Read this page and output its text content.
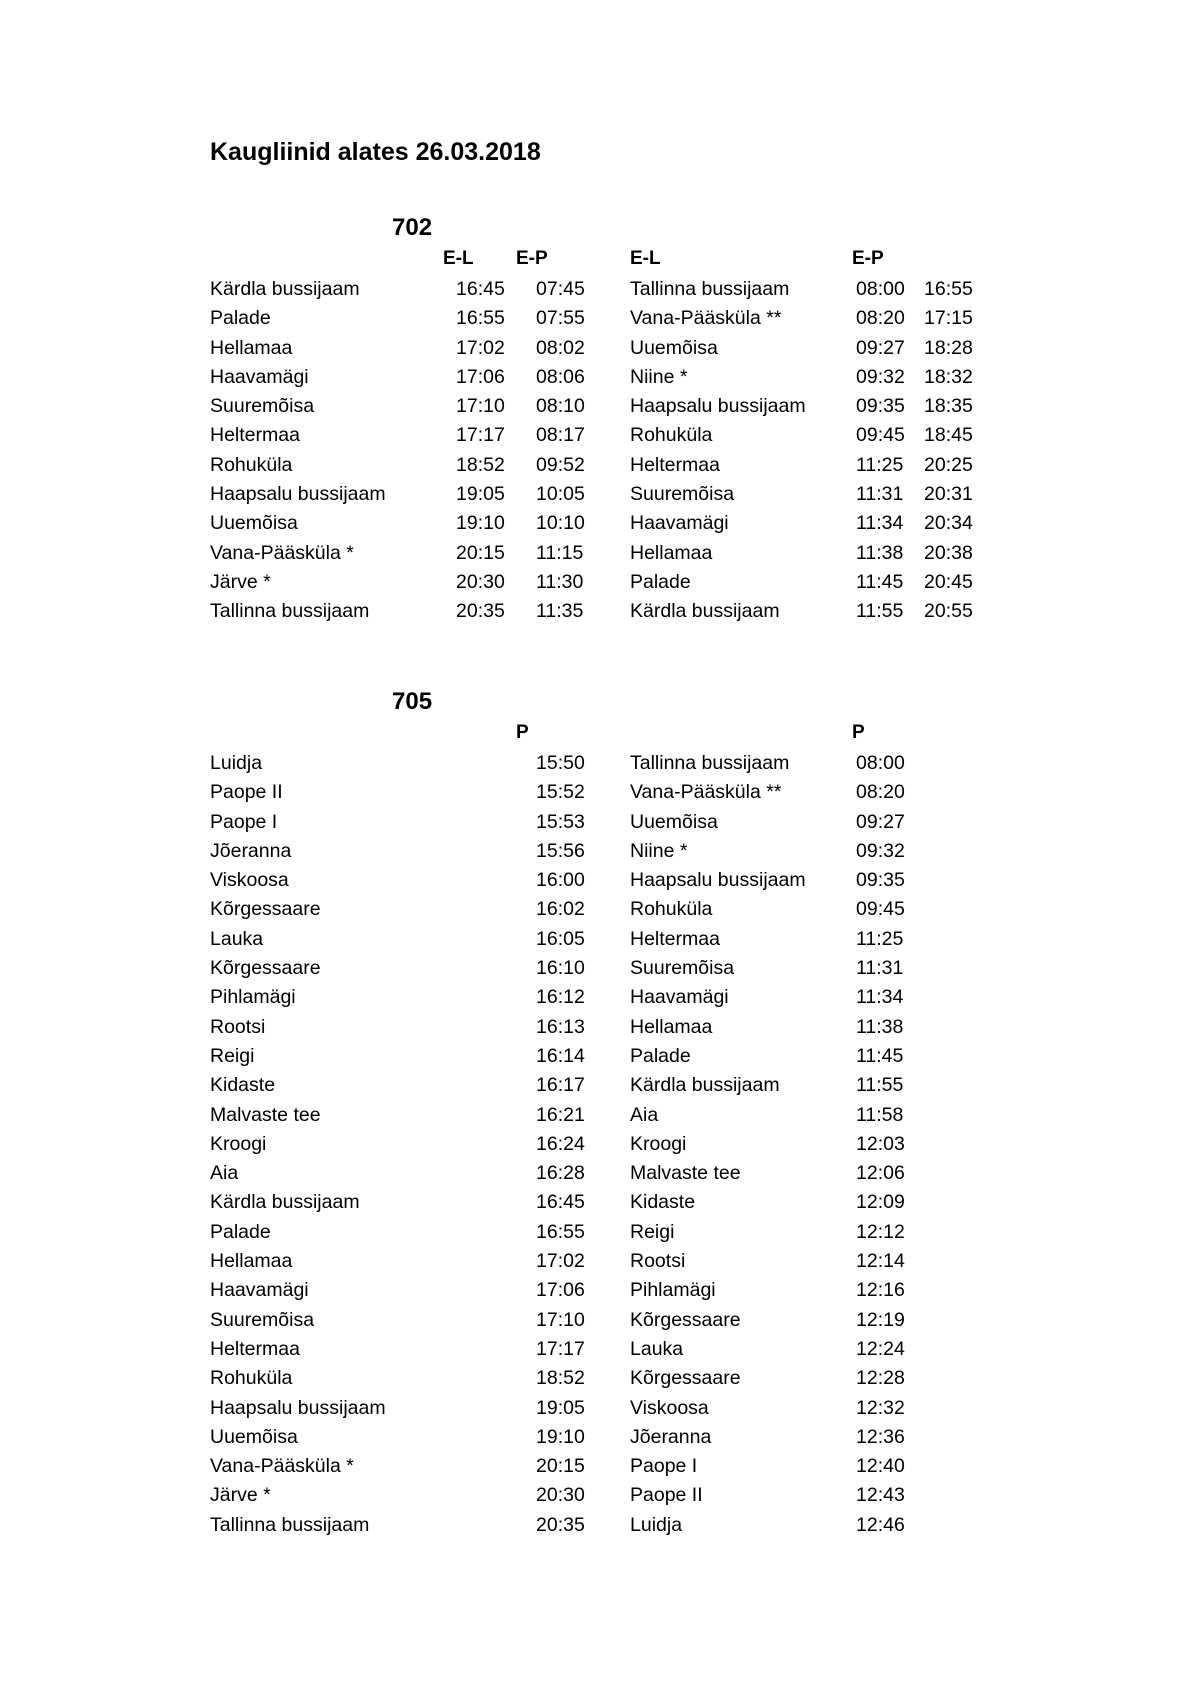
Kaugliinid alates 26.03.2018
702
E-L E-P	E-L	E-P
Kärdla bussijaam	16:45 07:45 Tallinna bussijaam	08:00 16:55
Palade	16:55 07:55 Vana-Pääsküla **	08:20 17:15
Hellamaa	17:02 08:02 Uuemõisa	09:27 18:28
Haavamägi	17:06 08:06 Niine *	09:32 18:32
Suuremõisa	17:10 08:10 Haapsalu bussijaam	09:35 18:35
Heltermaa	17:17 08:17 Rohuküla	09:45 18:45
Rohuküla	18:52 09:52 Heltermaa	11:25 20:25
Haapsalu bussijaam	19:05 10:05 Suuremõisa	11:31 20:31
Uuemõisa	19:10 10:10 Haavamägi	11:34 20:34
Vana-Pääsküla *	20:15 11:15 Hellamaa	11:38 20:38
Järve *	20:30 11:30 Palade	11:45 20:45
Tallinna bussijaam	20:35 11:35 Kärdla bussijaam	11:55 20:55
705
P	P
Luidja	15:50 Tallinna bussijaam	08:00
Paope II	15:52 Vana-Pääsküla **	08:20
Paope I	15:53 Uuemõisa	09:27
Jõeranna	15:56 Niine *	09:32
Viskoosa	16:00 Haapsalu bussijaam	09:35
Kõrgessaare	16:02 Rohuküla	09:45
Lauka	16:05 Heltermaa	11:25
Kõrgessaare	16:10 Suuremõisa	11:31
Pihlamägi	16:12 Haavamägi	11:34
Rootsi	16:13 Hellamaa	11:38
Reigi	16:14 Palade	11:45
Kidaste	16:17 Kärdla bussijaam	11:55
Malvaste tee	16:21 Aia	11:58
Kroogi	16:24 Kroogi	12:03
Aia	16:28 Malvaste tee	12:06
Kärdla bussijaam	16:45 Kidaste	12:09
Palade	16:55 Reigi	12:12
Hellamaa	17:02 Rootsi	12:14
Haavamägi	17:06 Pihlamägi	12:16
Suuremõisa	17:10 Kõrgessaare	12:19
Heltermaa	17:17 Lauka	12:24
Rohuküla	18:52 Kõrgessaare	12:28
Haapsalu bussijaam	19:05 Viskoosa	12:32
Uuemõisa	19:10 Jõeranna	12:36
Vana-Pääsküla *	20:15 Paope I	12:40
Järve *	20:30 Paope II	12:43
Tallinna bussijaam	20:35 Luidja	12:46
